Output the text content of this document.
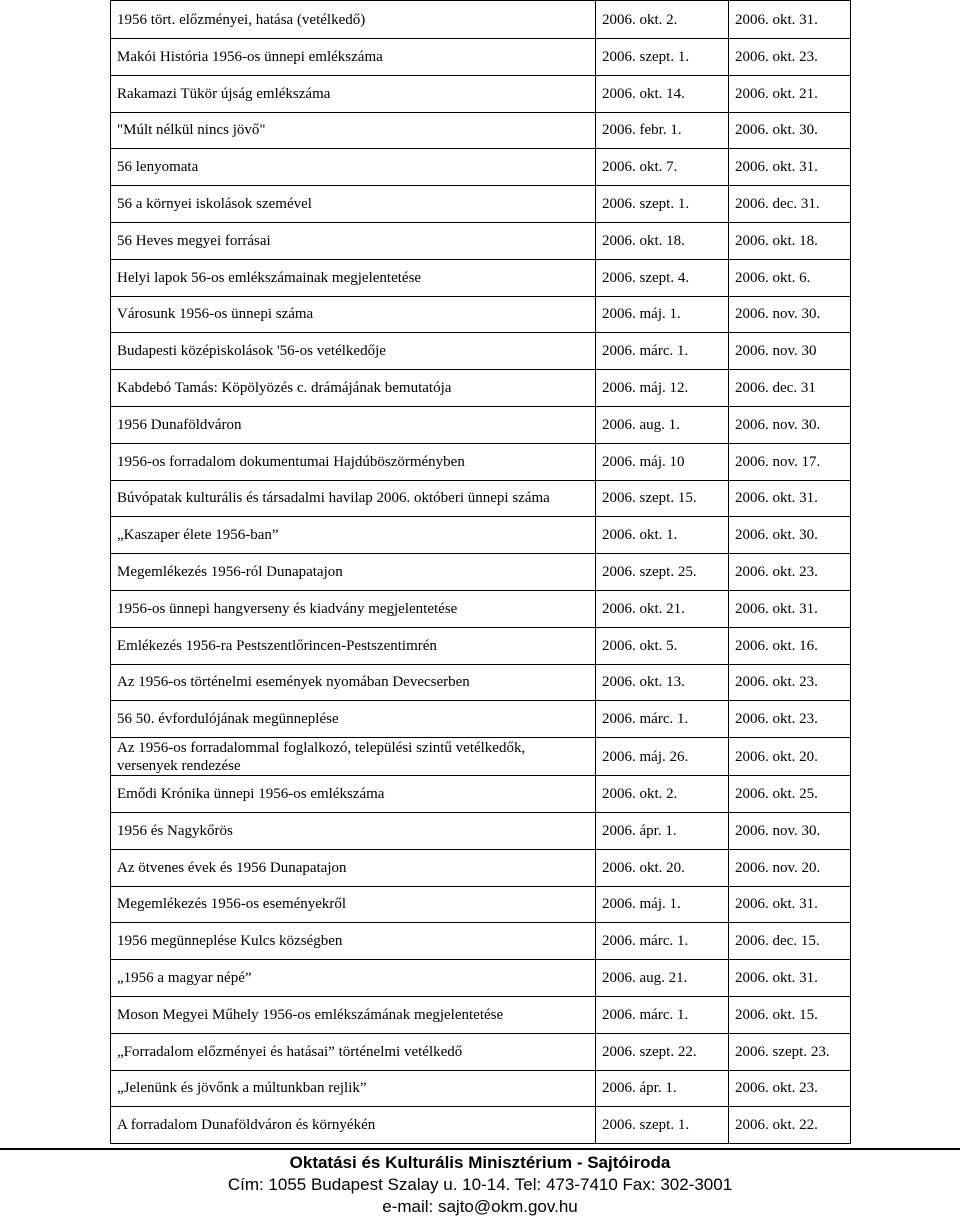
1956 tört. előzményei, hatása (vetélkedő)	2006. okt. 2.	2006. okt. 31.
Makói História 1956-os ünnepi emlékszáma	2006. szept. 1.	2006. okt. 23.
Rakamazi Tükör újság emlékszáma	2006. okt. 14.	2006. okt. 21.
"Múlt nélkül nincs jövő"	2006. febr. 1.	2006. okt. 30.
56 lenyomata	2006. okt. 7.	2006. okt. 31.
56 a környei iskolások szemével	2006. szept. 1.	2006. dec. 31.
56 Heves megyei forrásai	2006. okt. 18.	2006. okt. 18.
Helyi lapok 56-os emlékszámainak megjelentetése	2006. szept. 4.	2006. okt. 6.
Városunk 1956-os ünnepi száma	2006. máj. 1.	2006. nov. 30.
Budapesti középiskolások '56-os vetélkedője	2006. márc. 1.	2006. nov. 30
Kabdebó Tamás: Köpölyözés c. drámájának bemutatója	2006. máj. 12.	2006. dec. 31
1956 Dunaföldváron	2006. aug. 1.	2006. nov. 30.
1956-os forradalom dokumentumai Hajdúböszörményben	2006. máj. 10	2006. nov. 17.
Búvópatak kulturális és társadalmi havilap 2006. októberi ünnepi száma	2006. szept. 15.	2006. okt. 31.
„Kaszaper élete 1956-ban”	2006. okt. 1.	2006. okt. 30.
Megemlékezés 1956-ról Dunapatajon	2006. szept. 25.	2006. okt. 23.
1956-os ünnepi hangverseny és kiadvány megjelentetése	2006. okt. 21.	2006. okt. 31.
Emlékezés 1956-ra Pestszentlőrincen-Pestszentimrén	2006. okt. 5.	2006. okt. 16.
Az 1956-os történelmi események nyomában Devecserben	2006. okt. 13.	2006. okt. 23.
56 50. évfordulójának megünneplése	2006. márc. 1.	2006. okt. 23.
Az 1956-os forradalommal foglalkozó, települési szintű vetélkedők, versenyek rendezése	2006. máj. 26.	2006. okt. 20.
Emődi Krónika ünnepi 1956-os emlékszáma	2006. okt. 2.	2006. okt. 25.
1956 és Nagykőrös	2006. ápr. 1.	2006. nov. 30.
Az ötvenes évek és 1956 Dunapatajon	2006. okt. 20.	2006. nov. 20.
Megemlékezés 1956-os eseményekről	2006. máj. 1.	2006. okt. 31.
1956 megünneplése Kulcs községben	2006. márc. 1.	2006. dec. 15.
„1956 a magyar népé”	2006. aug. 21.	2006. okt. 31.
Moson Megyei Műhely 1956-os emlékszámának megjelentetése	2006. márc. 1.	2006. okt. 15.
„Forradalom előzményei és hatásai” történelmi vetélkedő	2006. szept. 22.	2006. szept. 23.
„Jelenünk és jövőnk a múltunkban rejlik”	2006. ápr. 1.	2006. okt. 23.
A forradalom Dunaföldváron és környékén	2006. szept. 1.	2006. okt. 22.
Oktatási és Kulturális Minisztérium - Sajtóiroda
Cím: 1055 Budapest Szalay u. 10-14. Tel: 473-7410 Fax: 302-3001
e-mail: sajto@okm.gov.hu
